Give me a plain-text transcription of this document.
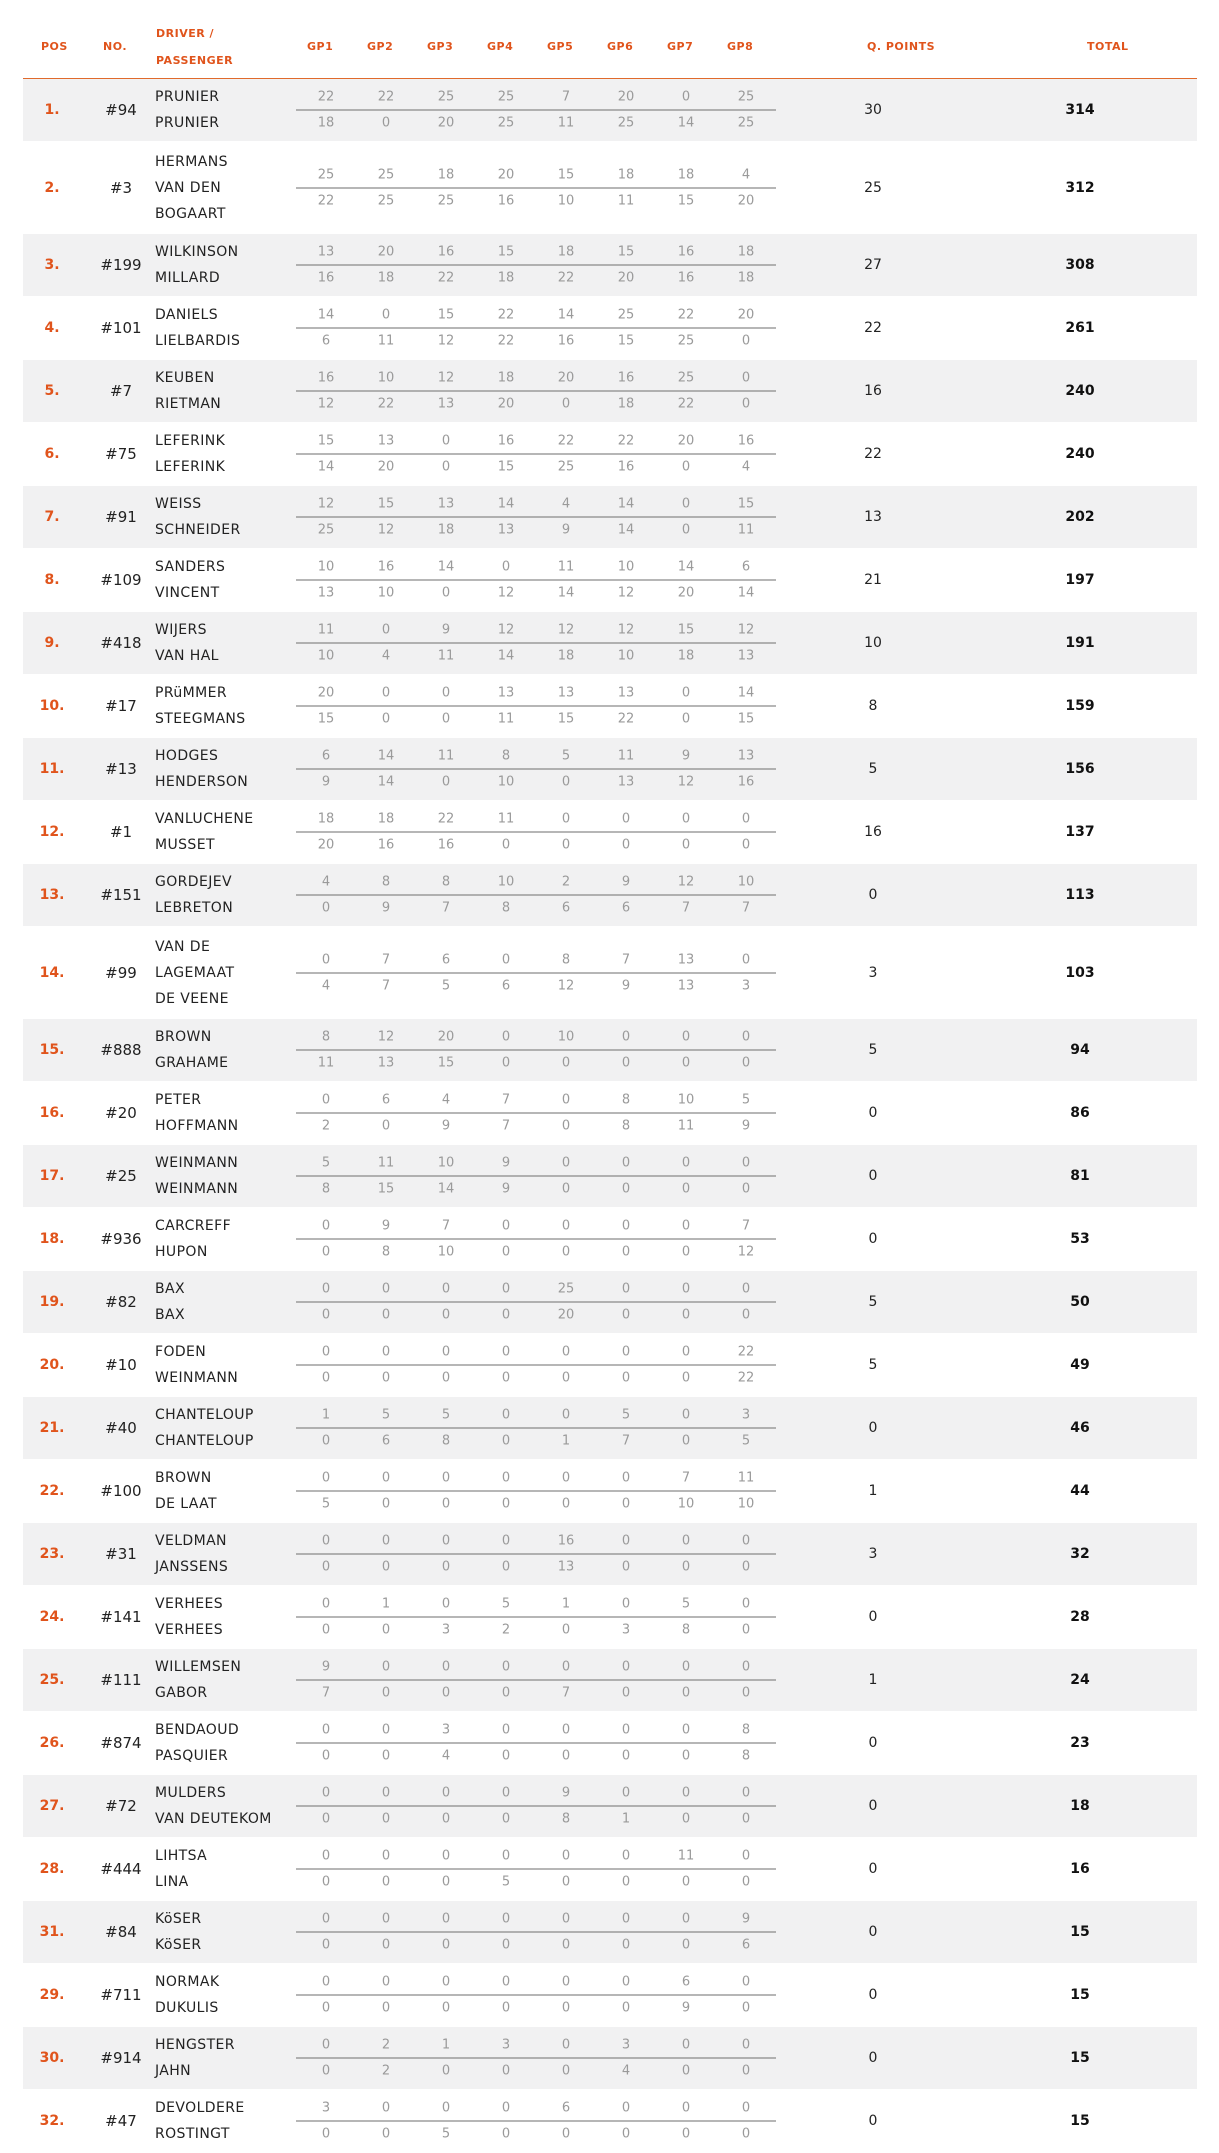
POS	NO.
DRIVER /
PASSENGER
GP1	GP2	GP3	GP4	GP5	GP6	GP7	GP8	Q. POINTS	TOTAL
1.	#94
PRUNIER
PRUNIER
22	22	25	25	7	20	0	25
18	0	20	25	11	25	14	25
30	314
2.	#3
HERMANS
VAN DEN
BOGAART
25	25	18	20	15	18	18	4
22	25	25	16	10	11	15	20
25	312
3.	#199
WILKINSON
MILLARD
13	20	16	15	18	15	16	18
16	18	22	18	22	20	16	18
27	308
4.	#101
DANIELS
LIELBARDIS
14	0	15	22	14	25	22	20
6	11	12	22	16	15	25	0
22	261
5.	#7
KEUBEN
RIETMAN
16	10	12	18	20	16	25	0
12	22	13	20	0	18	22	0
16	240
6.	#75
LEFERINK
LEFERINK
15	13	0	16	22	22	20	16
14	20	0	15	25	16	0	4
22	240
7.	#91
WEISS
SCHNEIDER
12	15	13	14	4	14	0	15
25	12	18	13	9	14	0	11
13	202
8.	#109
SANDERS
VINCENT
10	16	14	0	11	10	14	6
13	10	0	12	14	12	20	14
21	197
9.	#418
WIJERS
VAN HAL
11	0	9	12	12	12	15	12
10	4	11	14	18	10	18	13
10	191
10.	#17
PRüMMER
STEEGMANS
20	0	0	13	13	13	0	14
15	0	0	11	15	22	0	15
8	159
11.	#13
HODGES
HENDERSON
6	14	11	8	5	11	9	13
9	14	0	10	0	13	12	16
5	156
12.	#1
VANLUCHENE
MUSSET
18	18	22	11	0	0	0	0
20	16	16	0	0	0	0	0
16	137
13.	#151
GORDEJEV
LEBRETON
4	8	8	10	2	9	12	10
0	9	7	8	6	6	7	7
0	113
14.	#99
VAN DE
LAGEMAAT
DE VEENE
0	7	6	0	8	7	13	0
4	7	5	6	12	9	13	3
3	103
15.	#888
BROWN
GRAHAME
8	12	20	0	10	0	0	0
11	13	15	0	0	0	0	0
5	94
16.	#20
PETER
HOFFMANN
0	6	4	7	0	8	10	5
2	0	9	7	0	8	11	9
0	86
17.	#25
WEINMANN
WEINMANN
5	11	10	9	0	0	0	0
8	15	14	9	0	0	0	0
0	81
18.	#936
CARCREFF
HUPON
0	9	7	0	0	0	0	7
0	8	10	0	0	0	0	12
0	53
19.	#82
BAX
BAX
0	0	0	0	25	0	0	0
0	0	0	0	20	0	0	0
5	50
20.	#10
FODEN
WEINMANN
0	0	0	0	0	0	0	22
0	0	0	0	0	0	0	22
5	49
21.	#40
CHANTELOUP
CHANTELOUP
1	5	5	0	0	5	0	3
0	6	8	0	1	7	0	5
0	46
22.	#100
BROWN
DE LAAT
0	0	0	0	0	0	7	11
5	0	0	0	0	0	10	10
1	44
23.	#31
VELDMAN
JANSSENS
0	0	0	0	16	0	0	0
0	0	0	0	13	0	0	0
3	32
24.	#141
VERHEES
VERHEES
0	1	0	5	1	0	5	0
0	0	3	2	0	3	8	0
0	28
25.	#111
WILLEMSEN
GABOR
9	0	0	0	0	0	0	0
7	0	0	0	7	0	0	0
1	24
26.	#874
BENDAOUD
PASQUIER
0	0	3	0	0	0	0	8
0	0	4	0	0	0	0	8
0	23
27.	#72
MULDERS
VAN DEUTEKOM
0	0	0	0	9	0	0	0
0	0	0	0	8	1	0	0
0	18
28.	#444
LIHTSA
LINA
0	0	0	0	0	0	11	0
0	0	0	5	0	0	0	0
0	16
31.	#84
KöSER
KöSER
0	0	0	0	0	0	0	9
0	0	0	0	0	0	0	6
0	15
29.	#711
NORMAK
DUKULIS
0	0	0	0	0	0	6	0
0	0	0	0	0	0	9	0
0	15
30.	#914
HENGSTER
JAHN
0	2	1	3	0	3	0	0
0	2	0	0	0	4	0	0
0	15
32.	#47
DEVOLDERE
ROSTINGT
3	0	0	0	6	0	0	0
0	0	5	0	0	0	0	0
0	15
